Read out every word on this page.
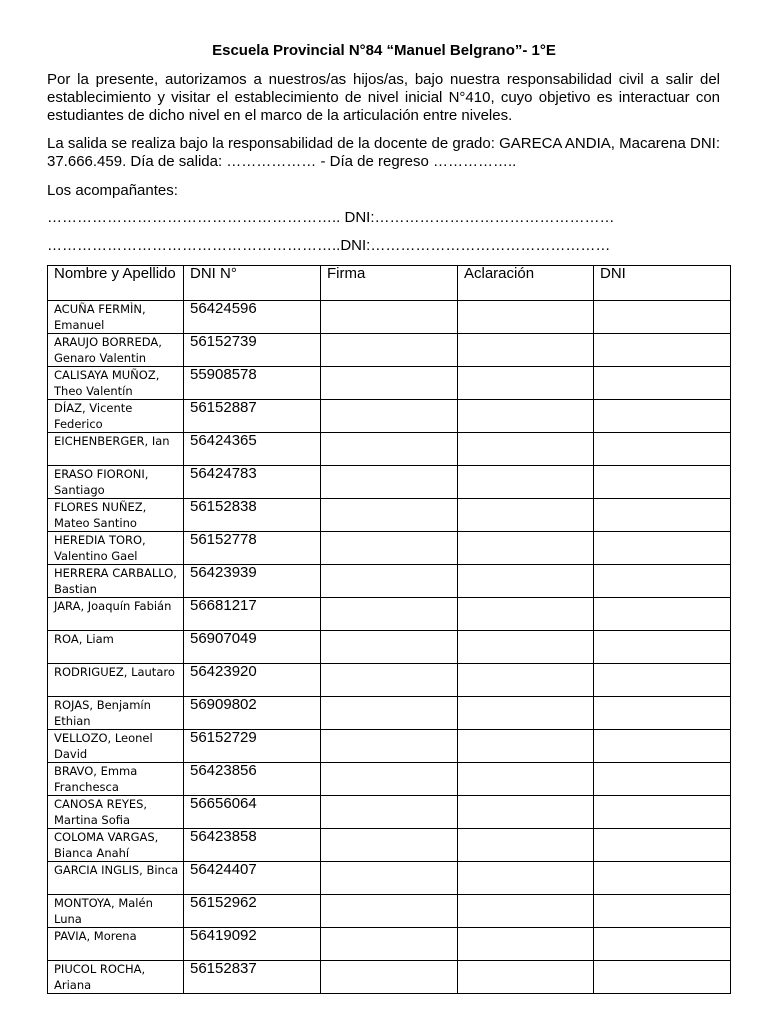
Escuela Provincial N°84 “Manuel Belgrano”- 1°E
Por la presente, autorizamos a nuestros/as hijos/as, bajo nuestra responsabilidad civil a salir del establecimiento y visitar el establecimiento de nivel inicial N°410, cuyo objetivo es interactuar con estudiantes de dicho nivel en el marco de la articulación entre niveles.
La salida se realiza bajo la responsabilidad de la docente de grado: GARECA ANDIA, Macarena DNI: 37.666.459. Día de salida: ……………… - Día de regreso ……………..
Los acompañantes:
………………………………………………….. DNI:…………………………………………
…………………………………………………..DNI:…………………………………………
Nombre y Apellido	DNI N°	Firma	Aclaración	DNI
ACUÑA FERMÌN, Emanuel	56424596			
ARAUJO BORREDA, Genaro Valentin	56152739			
CALISAYA MUÑOZ, Theo Valentín	55908578			
DÍAZ, Vicente Federico	56152887			
EICHENBERGER, Ian	56424365			
ERASO FIORONI, Santiago	56424783			
FLORES NUÑEZ, Mateo Santino	56152838			
HEREDIA TORO, Valentino Gael	56152778			
HERRERA CARBALLO, Bastian	56423939			
JARA, Joaquín Fabián	56681217			
ROA, Liam	56907049			
RODRIGUEZ, Lautaro	56423920			
ROJAS, Benjamín Ethian	56909802			
VELLOZO, Leonel David	56152729			
BRAVO, Emma Franchesca	56423856			
CANOSA REYES, Martina Sofia	56656064			
COLOMA VARGAS, Bianca Anahí	56423858			
GARCIA INGLIS, Binca	56424407			
MONTOYA, Malén Luna	56152962			
PAVIA, Morena	56419092			
PIUCOL ROCHA, Ariana	56152837			
